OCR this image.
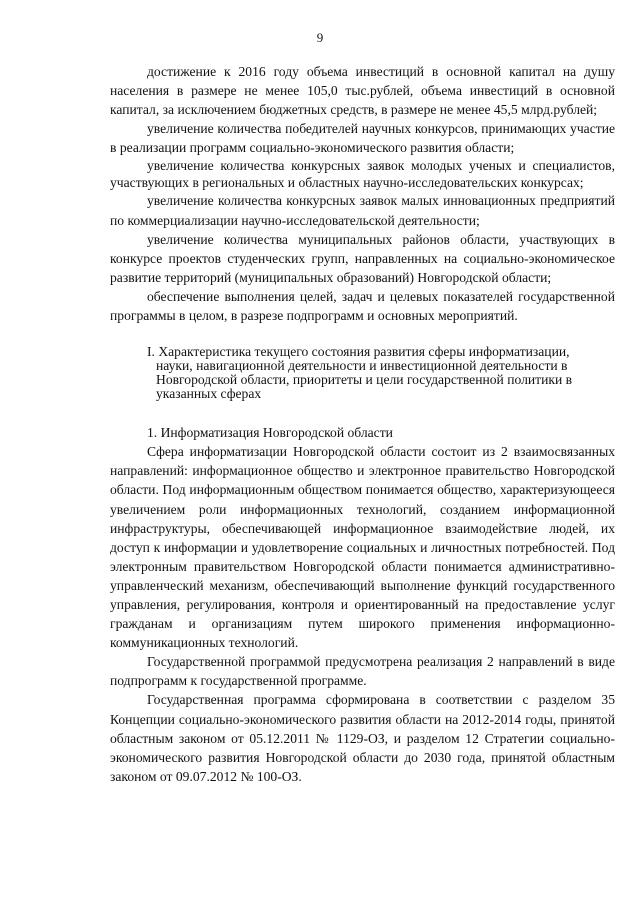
9

достижение к 2016 году объема инвестиций в основной капитал на душу населения в размере не менее 105,0 тыс.рублей, объема инвестиций в основной капитал, за исключением бюджетных средств, в размере не менее 45,5 млрд.рублей;

увеличение количества победителей научных конкурсов, принимающих участие в реализации программ социально-экономического развития области;

увеличение количества конкурсных заявок молодых ученых и специалистов, участвующих в региональных и областных научно-исследовательских конкурсах;

увеличение количества конкурсных заявок малых инновационных предприятий по коммерциализации научно-исследовательской деятельности;

увеличение количества муниципальных районов области, участвующих в конкурсе проектов студенческих групп, направленных на социально-экономическое развитие территорий (муниципальных образований) Новгородской области;

обеспечение выполнения целей, задач и целевых показателей государственной программы в целом, в разрезе подпрограмм и основных мероприятий.

I. Характеристика текущего состояния развития сферы информатизации,
науки, навигационной деятельности и инвестиционной деятельности в Новгородской области, приоритеты и цели государственной политики в указанных сферах

1. Информатизация Новгородской области

Сфера информатизации Новгородской области состоит из 2 взаимосвязанных направлений: информационное общество и электронное правительство Новгородской области. Под информационным обществом понимается общество, характеризующееся увеличением роли информационных технологий, созданием информационной инфраструктуры, обеспечивающей информационное взаимодействие людей, их доступ к информации и удовлетворение социальных и личностных потребностей. Под электронным правительством Новгородской области понимается административно-управленческий механизм, обеспечивающий выполнение функций государственного управления, регулирования, контроля и ориентированный на предоставление услуг гражданам и организациям путем широкого применения информационно-коммуникационных технологий.

Государственной программой предусмотрена реализация 2 направлений в виде подпрограмм к государственной программе.

Государственная программа сформирована в соответствии с разделом 35 Концепции социально-экономического развития области на 2012-2014 годы, принятой областным законом от 05.12.2011 № 1129-ОЗ, и разделом 12 Стратегии социально-экономического развития Новгородской области до 2030 года, принятой областным законом от 09.07.2012 № 100-ОЗ.
